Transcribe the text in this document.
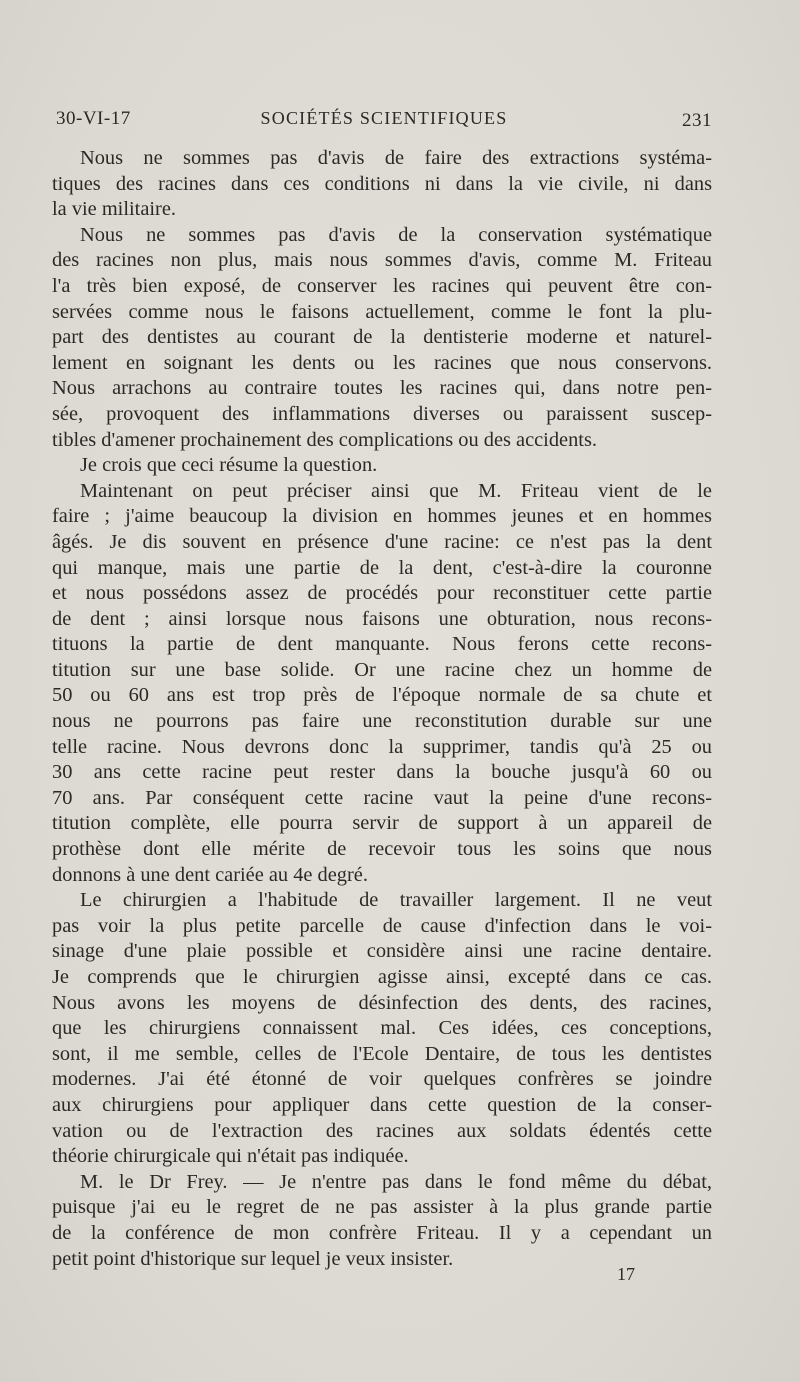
30-VI-17	SOCIÉTÉS SCIENTIFIQUES	231
Nous ne sommes pas d'avis de faire des extractions systéma-
tiques des racines dans ces conditions ni dans la vie civile, ni dans
la vie militaire.
Nous ne sommes pas d'avis de la conservation systématique
des racines non plus, mais nous sommes d'avis, comme M. Friteau
l'a très bien exposé, de conserver les racines qui peuvent être con-
servées comme nous le faisons actuellement, comme le font la plu-
part des dentistes au courant de la dentisterie moderne et naturel-
lement en soignant les dents ou les racines que nous conservons.
Nous arrachons au contraire toutes les racines qui, dans notre pen-
sée, provoquent des inflammations diverses ou paraissent suscep-
tibles d'amener prochainement des complications ou des accidents.
Je crois que ceci résume la question.
Maintenant on peut préciser ainsi que M. Friteau vient de le
faire ; j'aime beaucoup la division en hommes jeunes et en hommes
âgés. Je dis souvent en présence d'une racine: ce n'est pas la dent
qui manque, mais une partie de la dent, c'est-à-dire la couronne
et nous possédons assez de procédés pour reconstituer cette partie
de dent ; ainsi lorsque nous faisons une obturation, nous recons-
tituons la partie de dent manquante. Nous ferons cette recons-
titution sur une base solide. Or une racine chez un homme de
50 ou 60 ans est trop près de l'époque normale de sa chute et
nous ne pourrons pas faire une reconstitution durable sur une
telle racine. Nous devrons donc la supprimer, tandis qu'à 25 ou
30 ans cette racine peut rester dans la bouche jusqu'à 60 ou
70 ans. Par conséquent cette racine vaut la peine d'une recons-
titution complète, elle pourra servir de support à un appareil de
prothèse dont elle mérite de recevoir tous les soins que nous
donnons à une dent cariée au 4e degré.
Le chirurgien a l'habitude de travailler largement. Il ne veut
pas voir la plus petite parcelle de cause d'infection dans le voi-
sinage d'une plaie possible et considère ainsi une racine dentaire.
Je comprends que le chirurgien agisse ainsi, excepté dans ce cas.
Nous avons les moyens de désinfection des dents, des racines,
que les chirurgiens connaissent mal. Ces idées, ces conceptions,
sont, il me semble, celles de l'Ecole Dentaire, de tous les dentistes
modernes. J'ai été étonné de voir quelques confrères se joindre
aux chirurgiens pour appliquer dans cette question de la conser-
vation ou de l'extraction des racines aux soldats édentés cette
théorie chirurgicale qui n'était pas indiquée.
M. le Dr Frey. — Je n'entre pas dans le fond même du débat,
puisque j'ai eu le regret de ne pas assister à la plus grande partie
de la conférence de mon confrère Friteau. Il y a cependant un
petit point d'historique sur lequel je veux insister.
17
